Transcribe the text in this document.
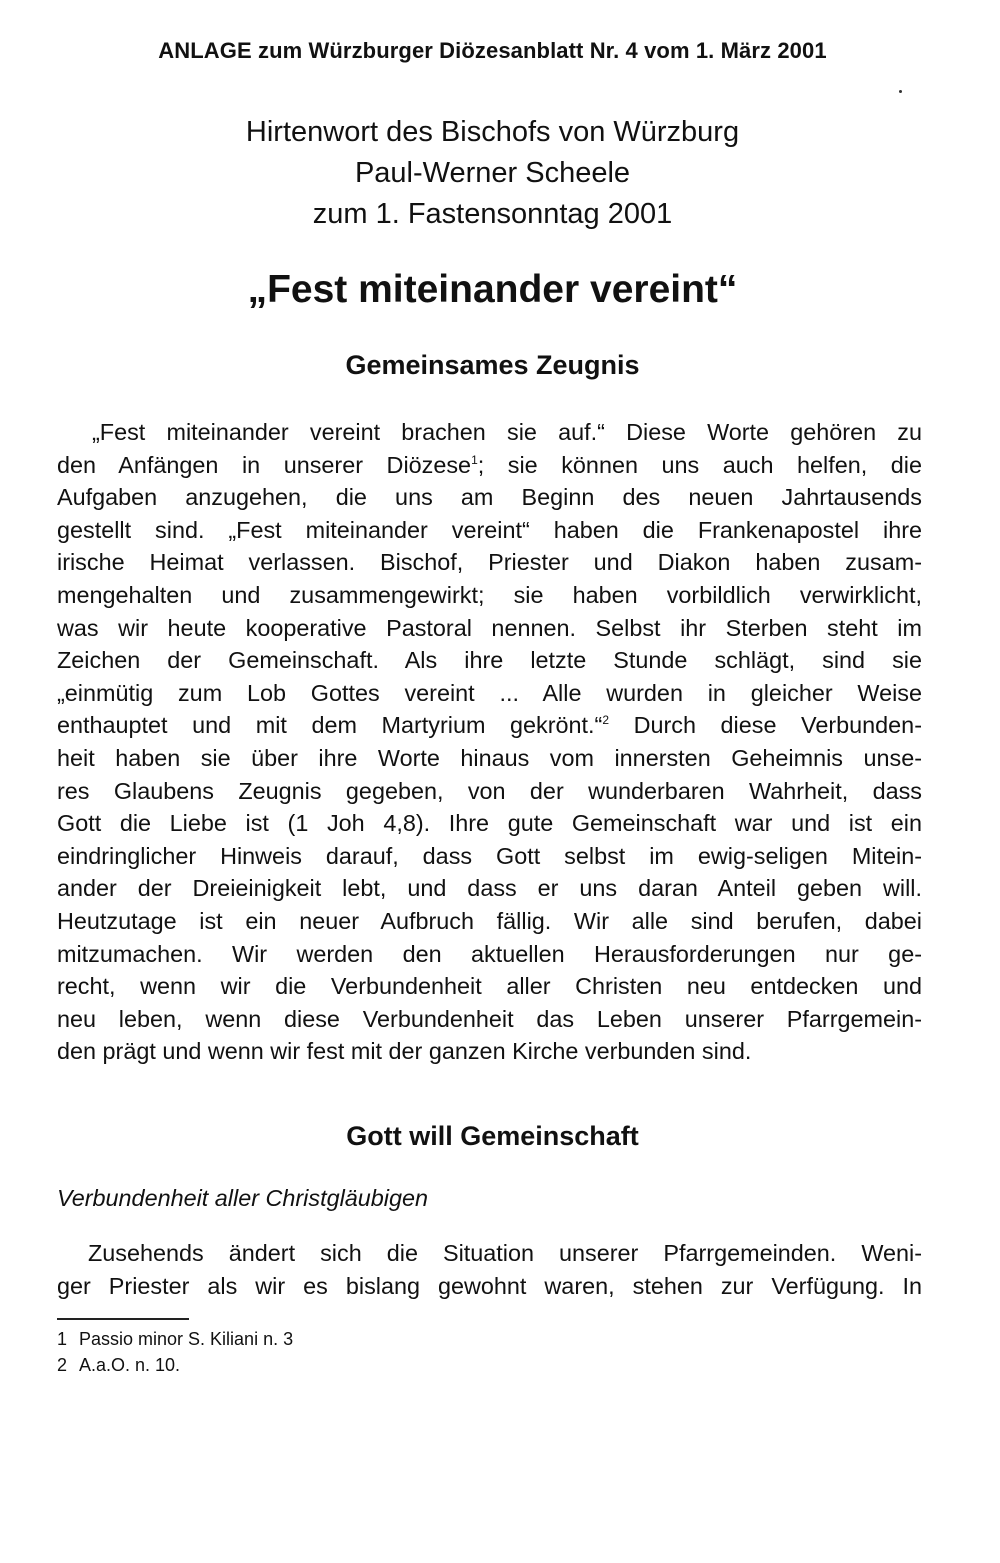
ANLAGE zum Würzburger Diözesanblatt Nr. 4 vom 1. März 2001
Hirtenwort des Bischofs von Würzburg
Paul-Werner Scheele
zum 1. Fastensonntag 2001
„Fest miteinander vereint“
Gemeinsames Zeugnis
„Fest miteinander vereint brachen sie auf.“ Diese Worte gehören zu
den Anfängen in unserer Diözese$^1$; sie können uns auch helfen, die
Aufgaben anzugehen, die uns am Beginn des neuen Jahrtausends
gestellt sind. „Fest miteinander vereint“ haben die Frankenapostel ihre
irische Heimat verlassen. Bischof, Priester und Diakon haben zusam-
mengehalten und zusammengewirkt; sie haben vorbildlich verwirklicht,
was wir heute kooperative Pastoral nennen. Selbst ihr Sterben steht im
Zeichen der Gemeinschaft. Als ihre letzte Stunde schlägt, sind sie
„einmütig zum Lob Gottes vereint ... Alle wurden in gleicher Weise
enthauptet und mit dem Martyrium gekrönt.“$^2$ Durch diese Verbunden-
heit haben sie über ihre Worte hinaus vom innersten Geheimnis unse-
res Glaubens Zeugnis gegeben, von der wunderbaren Wahrheit, dass
Gott die Liebe ist (1 Joh 4,8). Ihre gute Gemeinschaft war und ist ein
eindringlicher Hinweis darauf, dass Gott selbst im ewig-seligen Mitein-
ander der Dreieinigkeit lebt, und dass er uns daran Anteil geben will.
Heutzutage ist ein neuer Aufbruch fällig. Wir alle sind berufen, dabei
mitzumachen. Wir werden den aktuellen Herausforderungen nur ge-
recht, wenn wir die Verbundenheit aller Christen neu entdecken und
neu leben, wenn diese Verbundenheit das Leben unserer Pfarrgemein-
den prägt und wenn wir fest mit der ganzen Kirche verbunden sind.
Gott will Gemeinschaft
Verbundenheit aller Christgläubigen
Zusehends ändert sich die Situation unserer Pfarrgemeinden. Weni-
ger Priester als wir es bislang gewohnt waren, stehen zur Verfügung. In
1 Passio minor S. Kiliani n. 3
2 A.a.O. n. 10.
